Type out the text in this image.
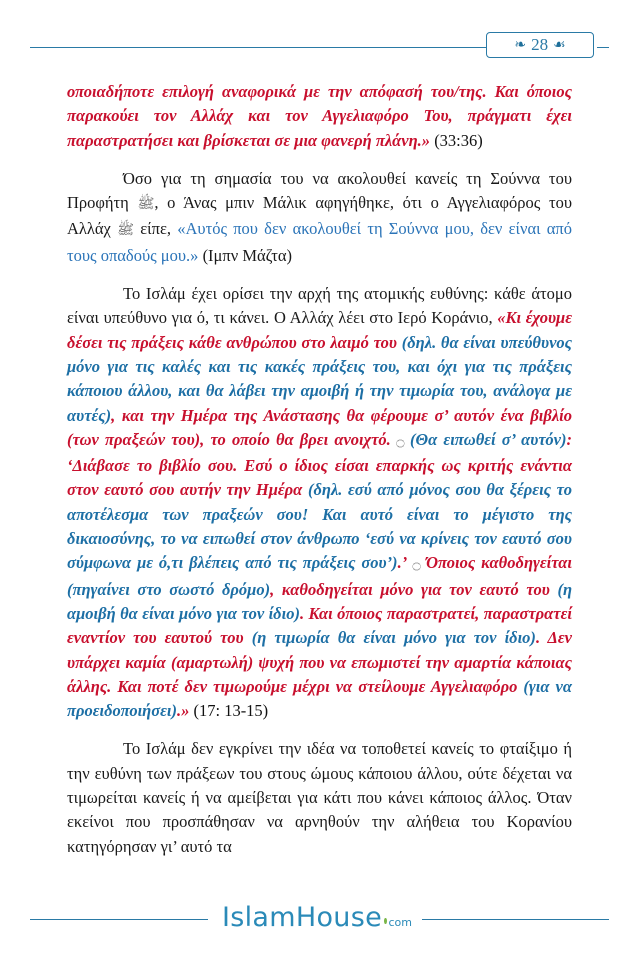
❧ 28 ☙

οποιαδήποτε επιλογή αναφορικά με την απόφασή του/της. Και όποιος παρακούει τον Αλλάχ και τον Αγγελιαφόρο Του, πράγματι έχει παραστρατήσει και βρίσκεται σε μια φανερή πλάνη.» (33:36)

Όσο για τη σημασία του να ακολουθεί κανείς τη Σούννα του Προφήτη ﷺ, ο Άνας μπιν Μάλικ αφηγήθηκε, ότι ο Αγγελιαφόρος του Αλλάχ ﷺ είπε, «Αυτός που δεν ακολουθεί τη Σούννα μου, δεν είναι από τους οπαδούς μου.» (Ιμπν Μάζτα)

Το Ισλάμ έχει ορίσει την αρχή της ατομικής ευθύνης: κάθε άτομο είναι υπεύθυνο για ό, τι κάνει. Ο Αλλάχ λέει στο Ιερό Κοράνιο, «Κι έχουμε δέσει τις πράξεις κάθε ανθρώπου στο λαιμό του (δηλ. θα είναι υπεύθυνος μόνο για τις καλές και τις κακές πράξεις του, και όχι για τις πράξεις κάποιου άλλου, και θα λάβει την αμοιβή ή την τιμωρία του, ανάλογα με αυτές), και την Ημέρα της Ανάστασης θα φέρουμε σ’ αυτόν ένα βιβλίο (των πραξεών του), το οποίο θα βρει ανοιχτό. ۝ (Θα ειπωθεί σ’ αυτόν): ‘Διάβασε το βιβλίο σου. Εσύ ο ίδιος είσαι επαρκής ως κριτής ενάντια στον εαυτό σου αυτήν την Ημέρα (δηλ. εσύ από μόνος σου θα ξέρεις το αποτέλεσμα των πραξεών σου! Και αυτό είναι το μέγιστο της δικαιοσύνης, το να ειπωθεί στον άνθρωπο ‘εσύ να κρίνεις τον εαυτό σου σύμφωνα με ό,τι βλέπεις από τις πράξεις σου’).’ ۝ Όποιος καθοδηγείται (πηγαίνει στο σωστό δρόμο), καθοδηγείται μόνο για τον εαυτό του (η αμοιβή θα είναι μόνο για τον ίδιο). Και όποιος παραστρατεί, παραστρατεί εναντίον του εαυτού του (η τιμωρία θα είναι μόνο για τον ίδιο). Δεν υπάρχει καμία (αμαρτωλή) ψυχή που να επωμιστεί την αμαρτία κάποιας άλλης. Και ποτέ δεν τιμωρούμε μέχρι να στείλουμε Αγγελιαφόρο (για να προειδοποιήσει).» (17: 13-15)

Το Ισλάμ δεν εγκρίνει την ιδέα να τοποθετεί κανείς το φταίξιμο ή την ευθύνη των πράξεων του στους ώμους κάποιου άλλου, ούτε δέχεται να τιμωρείται κανείς ή να αμείβεται για κάτι που κάνει κάποιος άλλος. Όταν εκείνοι που προσπάθησαν να αρνηθούν την αλήθεια του Κορανίου κατηγόρησαν γι’ αυτό τα

IslamHouse com
